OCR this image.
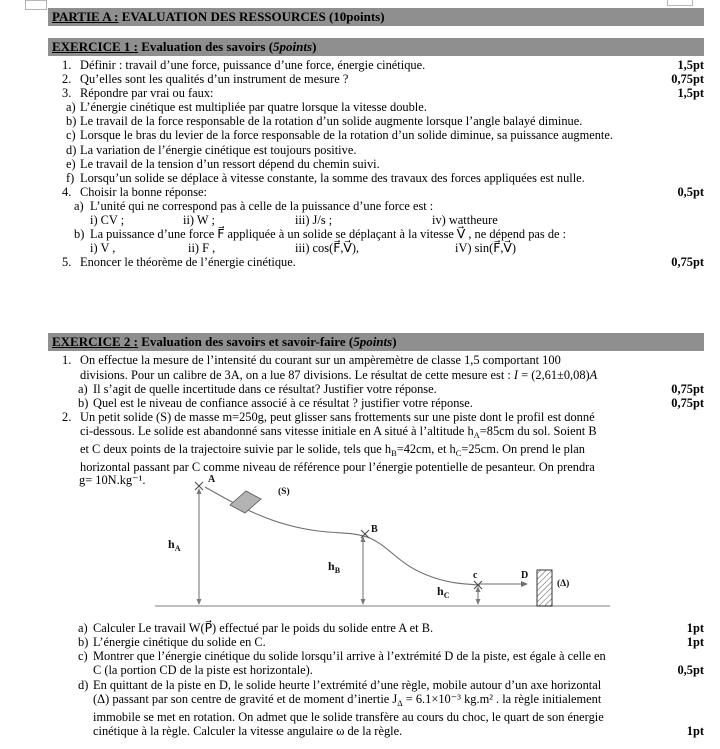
PARTIE A : EVALUATION DES RESSOURCES (10points)
EXERCICE 1 : Evaluation des savoirs (5points)
1. Définir : travail d’une force, puissance d’une force, énergie cinétique.	1,5pt
2. Qu’elles sont les qualités d’un instrument de mesure ?	0,75pt
3. Répondre par vrai ou faux:	1,5pt
a) L’énergie cinétique est multipliée par quatre lorsque la vitesse double.
b) Le travail de la force responsable de la rotation d’un solide augmente lorsque l’angle balayé diminue.
c) Lorsque le bras du levier de la force responsable de la rotation d’un solide diminue, sa puissance augmente.
d) La variation de l’énergie cinétique est toujours positive.
e) Le travail de la tension d’un ressort dépend du chemin suivi.
f) Lorsqu’un solide se déplace à vitesse constante, la somme des travaux des forces appliquées est nulle.
4. Choisir la bonne réponse:	0,5pt
a) L’unité qui ne correspond pas à celle de la puissance d’une force est :
i) CV ;	ii) W ;	iii) J/s ;	iv) wattheure
b) La puissance d’une force F⃗ appliquée à un solide se déplaçant à la vitesse V⃗ , ne dépend pas de :
i) V ,	ii) F ,	iii) cos(F⃗,V⃗),	iV) sin(F⃗,V⃗)
5. Enoncer le théorème de l’énergie cinétique.	0,75pt
EXERCICE 2 : Evaluation des savoirs et savoir-faire (5points)
1. On effectue la mesure de l’intensité du courant sur un ampèremètre de classe 1,5 comportant 100
divisions. Pour un calibre de 3A, on a lue 87 divisions. Le résultat de cette mesure est : I = (2,61±0,08)A
a) Il s’agit de quelle incertitude dans ce résultat? Justifier votre réponse.	0,75pt
b) Quel est le niveau de confiance associé à ce résultat ? justifier votre réponse.	0,75pt
2. Un petit solide (S) de masse m=250g, peut glisser sans frottements sur une piste dont le profil est donné
ci-dessous. Le solide est abandonné sans vitesse initiale en A situé à l’altitude $h_A=85cm$ du sol. Soient B
et C deux points de la trajectoire suivie par le solide, tels que $h_B=42cm$, et $h_C=25cm$. On prend le plan
horizontal passant par C comme niveau de référence pour l’énergie potentielle de pesanteur. On prendra
g= 10N.kg⁻¹.	A
(S)
B
c	D
(Δ)
$h_A$
$h_B$
$h_C$
a) Calculer Le travail W(P⃗) effectué par le poids du solide entre A et B.	1pt
b) L’énergie cinétique du solide en C.	1pt
c) Montrer que l’énergie cinétique du solide lorsqu’il arrive à l’extrémité D de la piste, est égale à celle en
C (la portion CD de la piste est horizontale).	0,5pt
d) En quittant de la piste en D, le solide heurte l’extrémité d’une règle, mobile autour d’un axe horizontal
(Δ) passant par son centre de gravité et de moment d’inertie $J_\Delta = 6.1\times 10^{-3}$ kg.m² . la règle initialement
immobile se met en rotation. On admet que le solide transfère au cours du choc, le quart de son énergie
cinétique à la règle. Calculer la vitesse angulaire ω de la règle.	1pt
